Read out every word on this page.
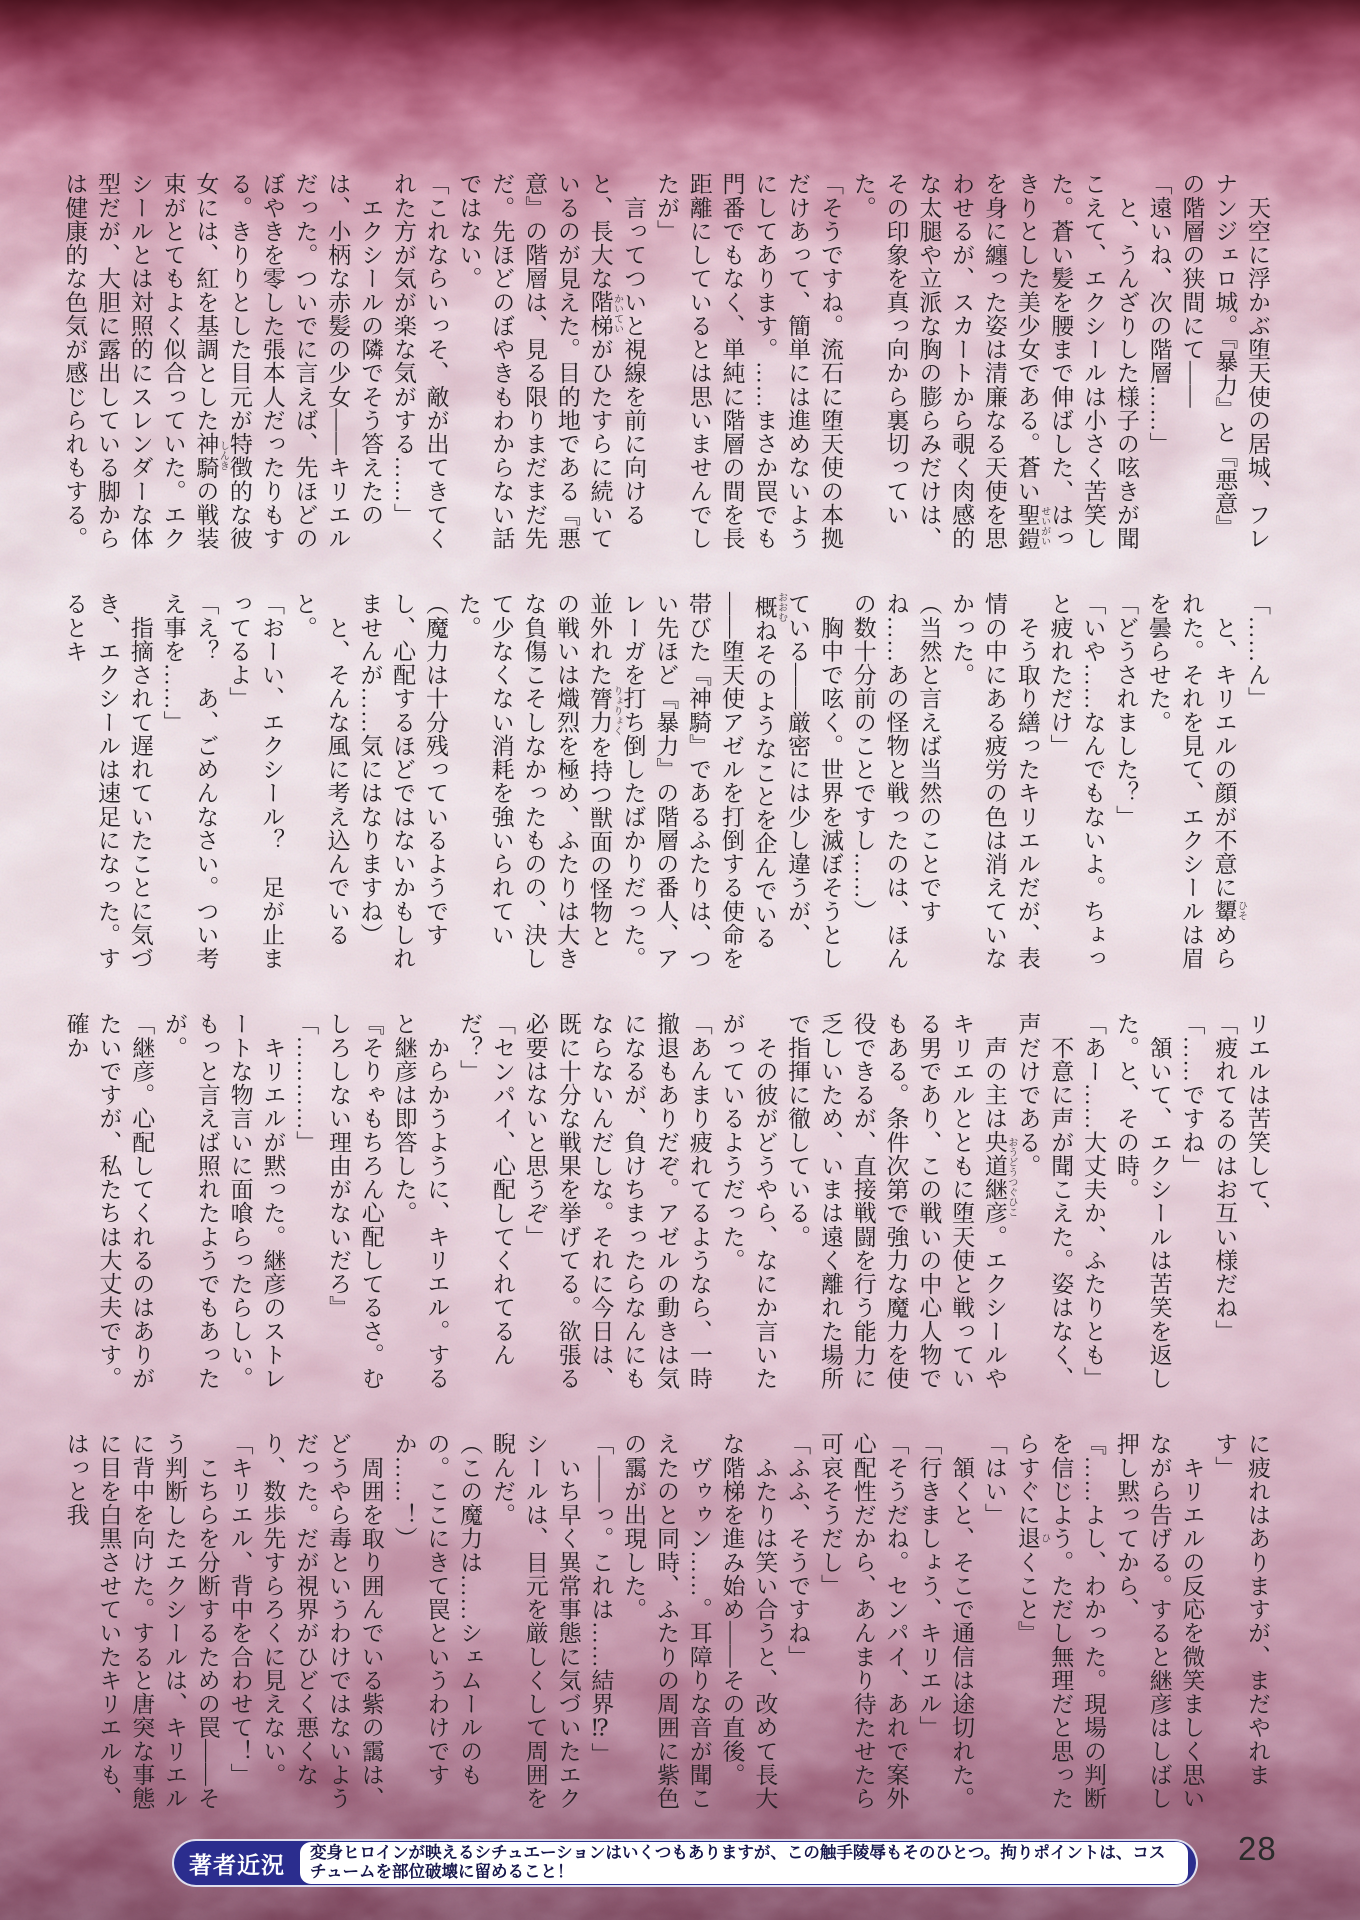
　天空に浮かぶ堕天使の居城、フレナンジェロ城。『暴力』と『悪意』の階層の狭間にて――
「遠いね、次の階層……」
　と、うんざりした様子の呟きが聞こえて、エクシールは小さく苦笑した。蒼い髪を腰まで伸ばした、はっきりとした美少女である。蒼い聖鎧 せいがいを身に纏った姿は清廉なる天使を思わせるが、スカートから覗く肉感的な太腿や立派な胸の膨らみだけは、その印象を真っ向から裏切っていた。
「そうですね。流石に堕天使の本拠だけあって、簡単には進めないようにしてあります。……まさか罠でも門番でもなく、単純に階層の間を長距離にしているとは思いませんでしたが」
　言ってついと視線を前に向けると、長大な階梯 かいていがひたすらに続いているのが見えた。目的地である『悪意』の階層は、見る限りまだまだ先だ。先ほどのぼやきもわからない話ではない。
「これならいっそ、敵が出てきてくれた方が気が楽な気がする……」
　エクシールの隣でそう答えたのは、小柄な赤髪の少女――キリエルだった。ついでに言えば、先ほどのぼやきを零した張本人だったりもする。きりりとした目元が特徴的な彼女には、紅を基調とした神騎 しんきの戦装束がとてもよく似合っていた。エクシールとは対照的にスレンダーな体型だが、大胆に露出している脚からは健康的な色気が感じられもする。
「……ん」
　と、キリエルの顔が不意に顰 ひそめられた。それを見て、エクシールは眉を曇らせた。
「どうされました？」
「いや……なんでもないよ。ちょっと疲れただけ」
　そう取り繕ったキリエルだが、表情の中にある疲労の色は消えていなかった。
（当然と言えば当然のことですね……あの怪物と戦ったのは、ほんの数十分前のことですし……）
　胸中で呟く。世界を滅ぼそうとしている――厳密には少し違うが、概 おおむねそのようなことを企んでいる――堕天使アゼルを打倒する使命を帯びた『神騎』であるふたりは、つい先ほど『暴力』の階層の番人、アレーガを打ち倒したばかりだった。並外れた膂力 りょりょくを持つ獣面の怪物との戦いは熾烈を極め、ふたりは大きな負傷こそしなかったものの、決して少なくない消耗を強いられていた。
（魔力は十分残っているようですし、心配するほどではないかもしれませんが……気にはなりますね）
　と、そんな風に考え込んでいると。
「おーい、エクシール？　足が止まってるよ」
「え？　あ、ごめんなさい。つい考え事を……」
　指摘されて遅れていたことに気づき、エクシールは速足になった。するとキ
リエルは苦笑して、
「疲れてるのはお互い様だね」
「……ですね」
　頷いて、エクシールは苦笑を返した。と、その時。
「あー……大丈夫か、ふたりとも」
　不意に声が聞こえた。姿はなく、声だけである。
　声の主は央道継彦 おうどうつぐひこ。エクシールやキリエルとともに堕天使と戦っている男であり、この戦いの中心人物でもある。条件次第で強力な魔力を使役できるが、直接戦闘を行う能力に乏しいため、いまは遠く離れた場所で指揮に徹している。
　その彼がどうやら、なにか言いたがっているようだった。
「あんまり疲れてるようなら、一時撤退もありだぞ。アゼルの動きは気になるが、負けちまったらなんにもならないんだしな。それに今日は、既に十分な戦果を挙げてる。欲張る必要はないと思うぞ」
「センパイ、心配してくれてるんだ？」
　からかうように、キリエル。すると継彦は即答した。
『そりゃもちろん心配してるさ。むしろしない理由がないだろ』
「…………」
　キリエルが黙った。継彦のストレートな物言いに面喰らったらしい。もっと言えば照れたようでもあったが。
「継彦。心配してくれるのはありがたいですが、私たちは大丈夫です。確か
に疲れはありますが、まだやれます」
　キリエルの反応を微笑ましく思いながら告げる。すると継彦はしばし押し黙ってから、
『……よし、わかった。現場の判断を信じよう。ただし無理だと思ったらすぐに退 ひくこと』
「はい」
　頷くと、そこで通信は途切れた。
「行きましょう、キリエル」
「そうだね。センパイ、あれで案外心配性だから、あんまり待たせたら可哀そうだし」
「ふふ、そうですね」
　ふたりは笑い合うと、改めて長大な階梯を進み始め――その直後。
　ヴゥゥン……。耳障りな音が聞こえたのと同時、ふたりの周囲に紫色の靄が出現した。
「――っ。これは……結界⁉」
　いち早く異常事態に気づいたエクシールは、目元を厳しくして周囲を睨んだ。
（この魔力は……シェムールのもの。ここにきて罠というわけですか……！）
　周囲を取り囲んでいる紫の靄は、どうやら毒というわけではないようだった。だが視界がひどく悪くなり、数歩先すらろくに見えない。
「キリエル、背中を合わせて！」
　こちらを分断するための罠――そう判断したエクシールは、キリエルに背中を向けた。すると唐突な事態に目を白黒させていたキリエルも、はっと我
28
著者近況	変身ヒロインが映えるシチュエーションはいくつもありますが、この触手陵辱もそのひとつ。拘りポイントは、コスチュームを部位破壊に留めること！
